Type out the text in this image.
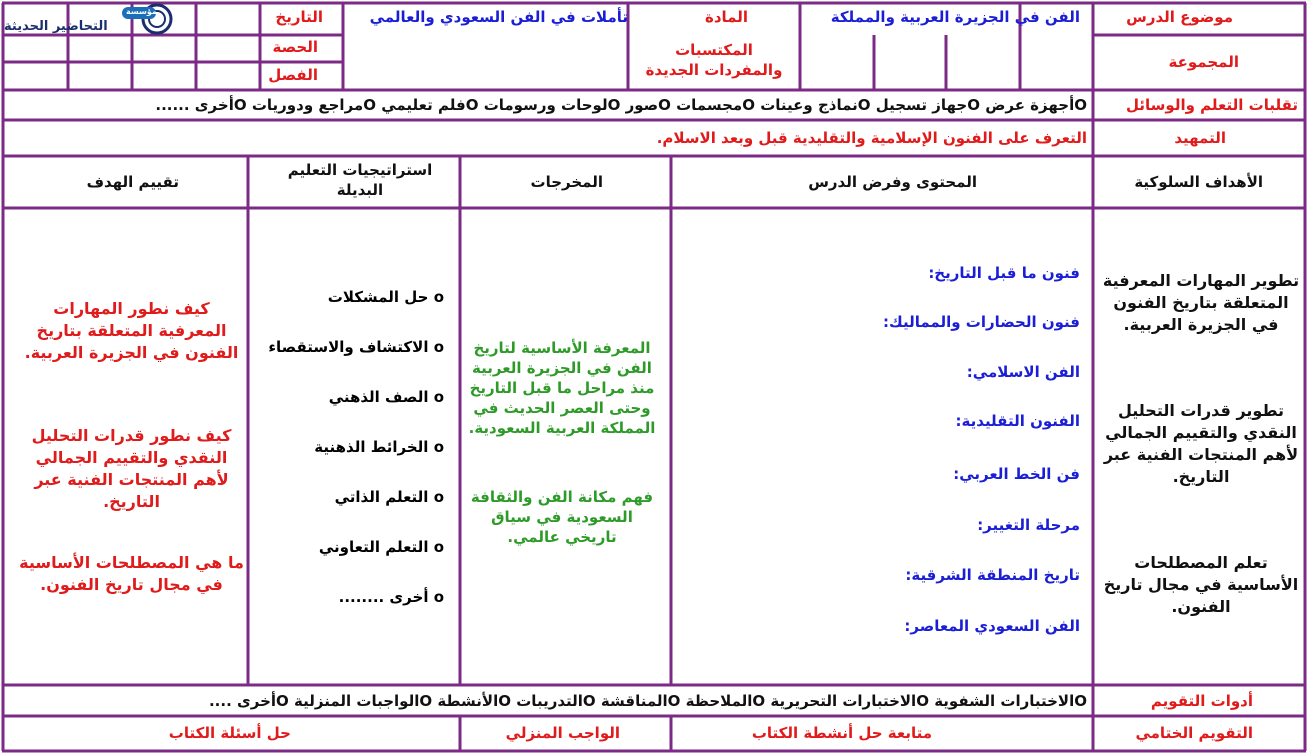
مؤسسة
التحاضير الحديثة
موضوع الدرس
الفن في الجزيرة العربية والمملكة
المادة
تأملات في الفن السعودي والعالمي
التاريخ
الحصة
الفصل
المجموعة
المكتسبات والمفردات الجديدة
تقلبات التعلم والوسائل
Oأجهزة عرض Oجهاز تسجيل Oنماذج وعينات Oمجسمات Oصور Oلوحات ورسومات Oفلم تعليمي Oمراجع ودوريات Oأخرى ......
التمهيد
التعرف على الفنون الإسلامية والتقليدية قبل وبعد الاسلام.
الأهداف السلوكية
المحتوى وفرض الدرس
المخرجات
استراتيجيات التعليم البديلة
تقييم الهدف
تطوير المهارات المعرفية المتعلقة بتاريخ الفنون في الجزيرة العربية.
تطوير قدرات التحليل النقدي والتقييم الجمالي لأهم المنتجات الفنية عبر التاريخ.
تعلم المصطلحات الأساسية في مجال تاريخ الفنون.
فنون ما قبل التاريخ:
فنون الحضارات والمماليك:
الفن الاسلامي:
الفنون التقليدية:
فن الخط العربي:
مرحلة التغيير:
تاريخ المنطقة الشرقية:
الفن السعودي المعاصر:
المعرفة الأساسية لتاريخ الفن في الجزيرة العربية منذ مراحل ما قبل التاريخ وحتى العصر الحديث في المملكة العربية السعودية.
فهم مكانة الفن والثقافة السعودية في سياق تاريخي عالمي.
o حل المشكلات
o الاكتشاف والاستقصاء
o الصف الذهني
o الخرائط الذهنية
o التعلم الذاتي
o التعلم التعاوني
o أخرى ........
كيف نطور المهارات المعرفية المتعلقة بتاريخ الفنون في الجزيرة العربية.
كيف نطور قدرات التحليل النقدي والتقييم الجمالي لأهم المنتجات الفنية عبر التاريخ.
ما هي المصطلحات الأساسية في مجال تاريخ الفنون.
أدوات التقويم
Oالاختبارات الشفوية Oالاختبارات التحريرية Oالملاحظة Oالمناقشة Oالتدريبات Oالأنشطة Oالواجبات المنزلية Oأخرى ....
التقويم الختامي
متابعة حل أنشطة الكتاب
الواجب المنزلي
حل أسئلة الكتاب
